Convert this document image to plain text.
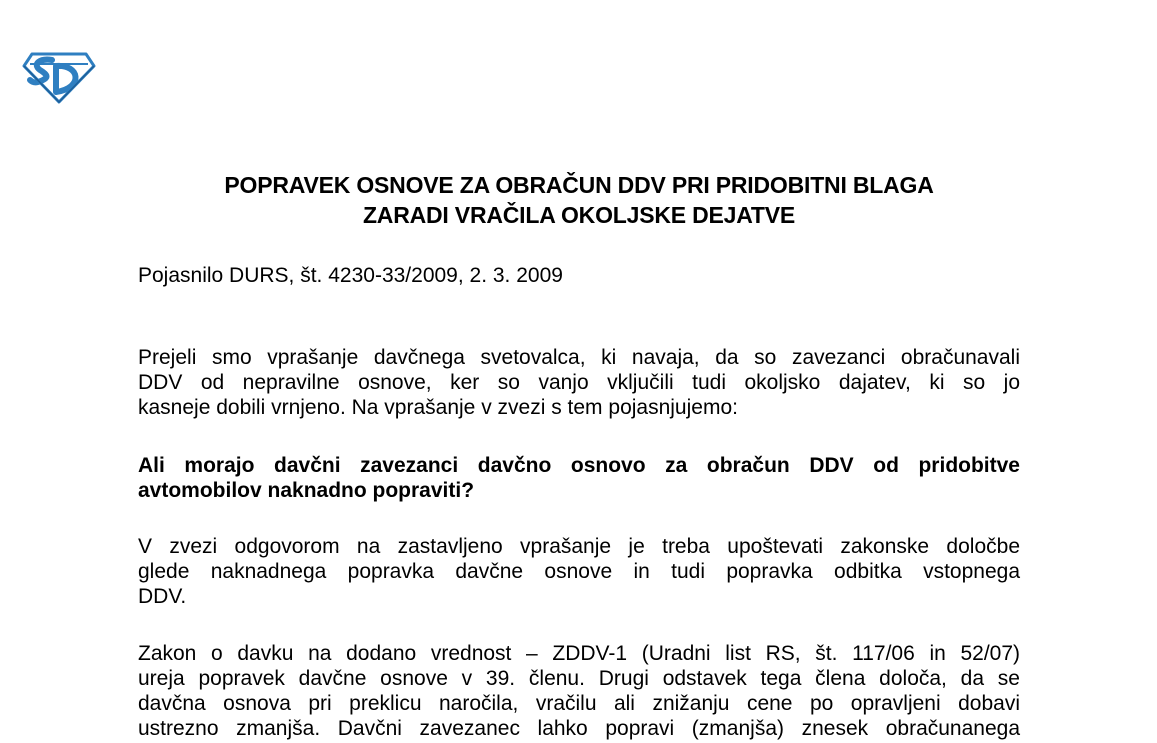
POPRAVEK OSNOVE ZA OBRAČUN DDV PRI PRIDOBITNI BLAGA
ZARADI VRAČILA OKOLJSKE DEJATVE
Pojasnilo DURS, št. 4230-33/2009, 2. 3. 2009
Prejeli smo vprašanje davčnega svetovalca, ki navaja, da so zavezanci obračunavali
DDV od nepravilne osnove, ker so vanjo vključili tudi okoljsko dajatev, ki so jo
kasneje dobili vrnjeno. Na vprašanje v zvezi s tem pojasnjujemo:
Ali morajo davčni zavezanci davčno osnovo za obračun DDV od pridobitve
avtomobilov naknadno popraviti?
V zvezi odgovorom na zastavljeno vprašanje je treba upoštevati zakonske določbe
glede naknadnega popravka davčne osnove in tudi popravka odbitka vstopnega
DDV.
Zakon o davku na dodano vrednost – ZDDV-1 (Uradni list RS, št. 117/06 in 52/07)
ureja popravek davčne osnove v 39. členu. Drugi odstavek tega člena določa, da se
davčna osnova pri preklicu naročila, vračilu ali znižanju cene po opravljeni dobavi
ustrezno zmanjša. Davčni zavezanec lahko popravi (zmanjša) znesek obračunanega
